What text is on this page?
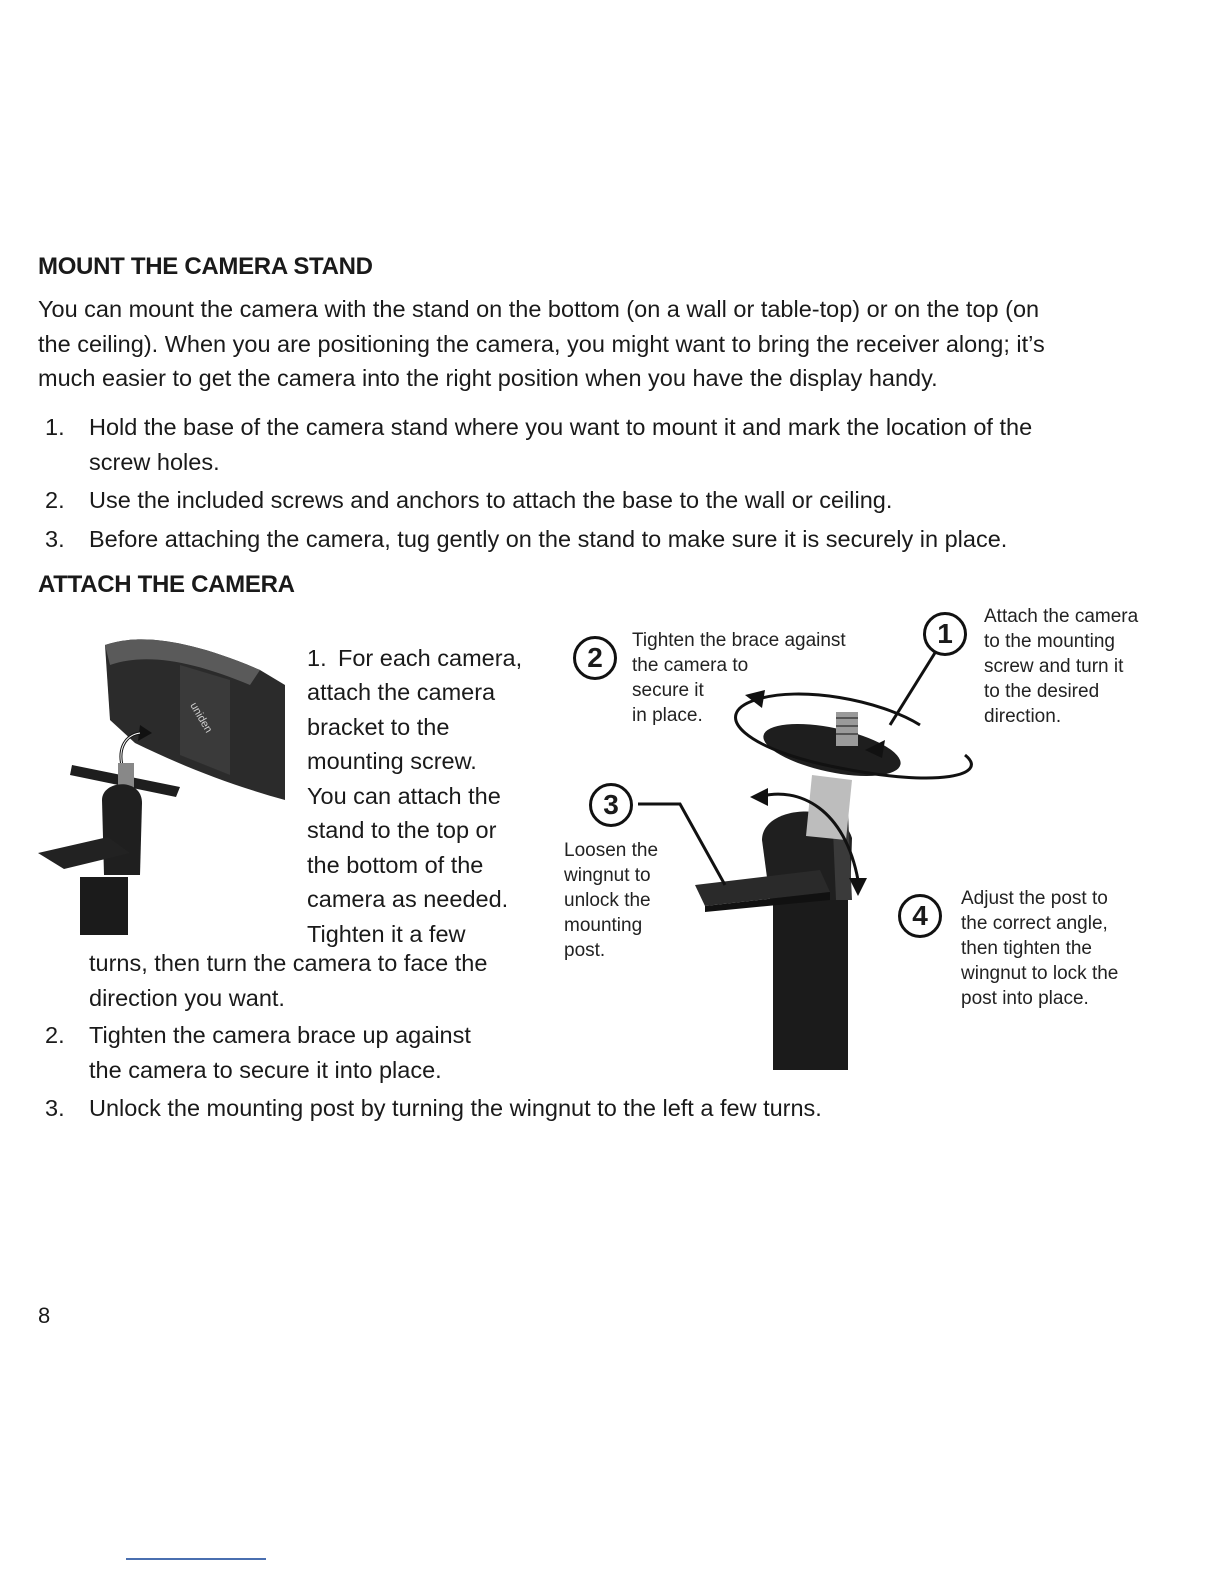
MOUNT THE CAMERA STAND
You can mount the camera with the stand on the bottom (on a wall or table-top) or on the top (on
the ceiling). When you are positioning the camera, you might want to bring the receiver along; it’s
much easier to get the camera into the right position when you have the display handy.
1. Hold the base of the camera stand where you want to mount it and mark the location of the
screw holes.
2. Use the included screws and anchors to attach the base to the wall or ceiling.
3. Before attaching the camera, tug gently on the stand to make sure it is securely in place.
ATTACH THE CAMERA
uniden
1. For each camera,
attach the camera
bracket to the
mounting screw.
You can attach the
stand to the top or
the bottom of the
camera as needed.
Tighten it a few
turns, then turn the camera to face the
direction you want.
2. Tighten the camera brace up against
the camera to secure it into place.
3. Unlock the mounting post by turning the wingnut to the left a few turns.
1
Attach the camera
to the mounting
screw and turn it
to the desired
direction.
2
Tighten the brace against
the camera to
secure it
in place.
3
Loosen the
wingnut to
unlock the
mounting
post.
4
Adjust the post to
the correct angle,
then tighten the
wingnut to lock the
post into place.
8
